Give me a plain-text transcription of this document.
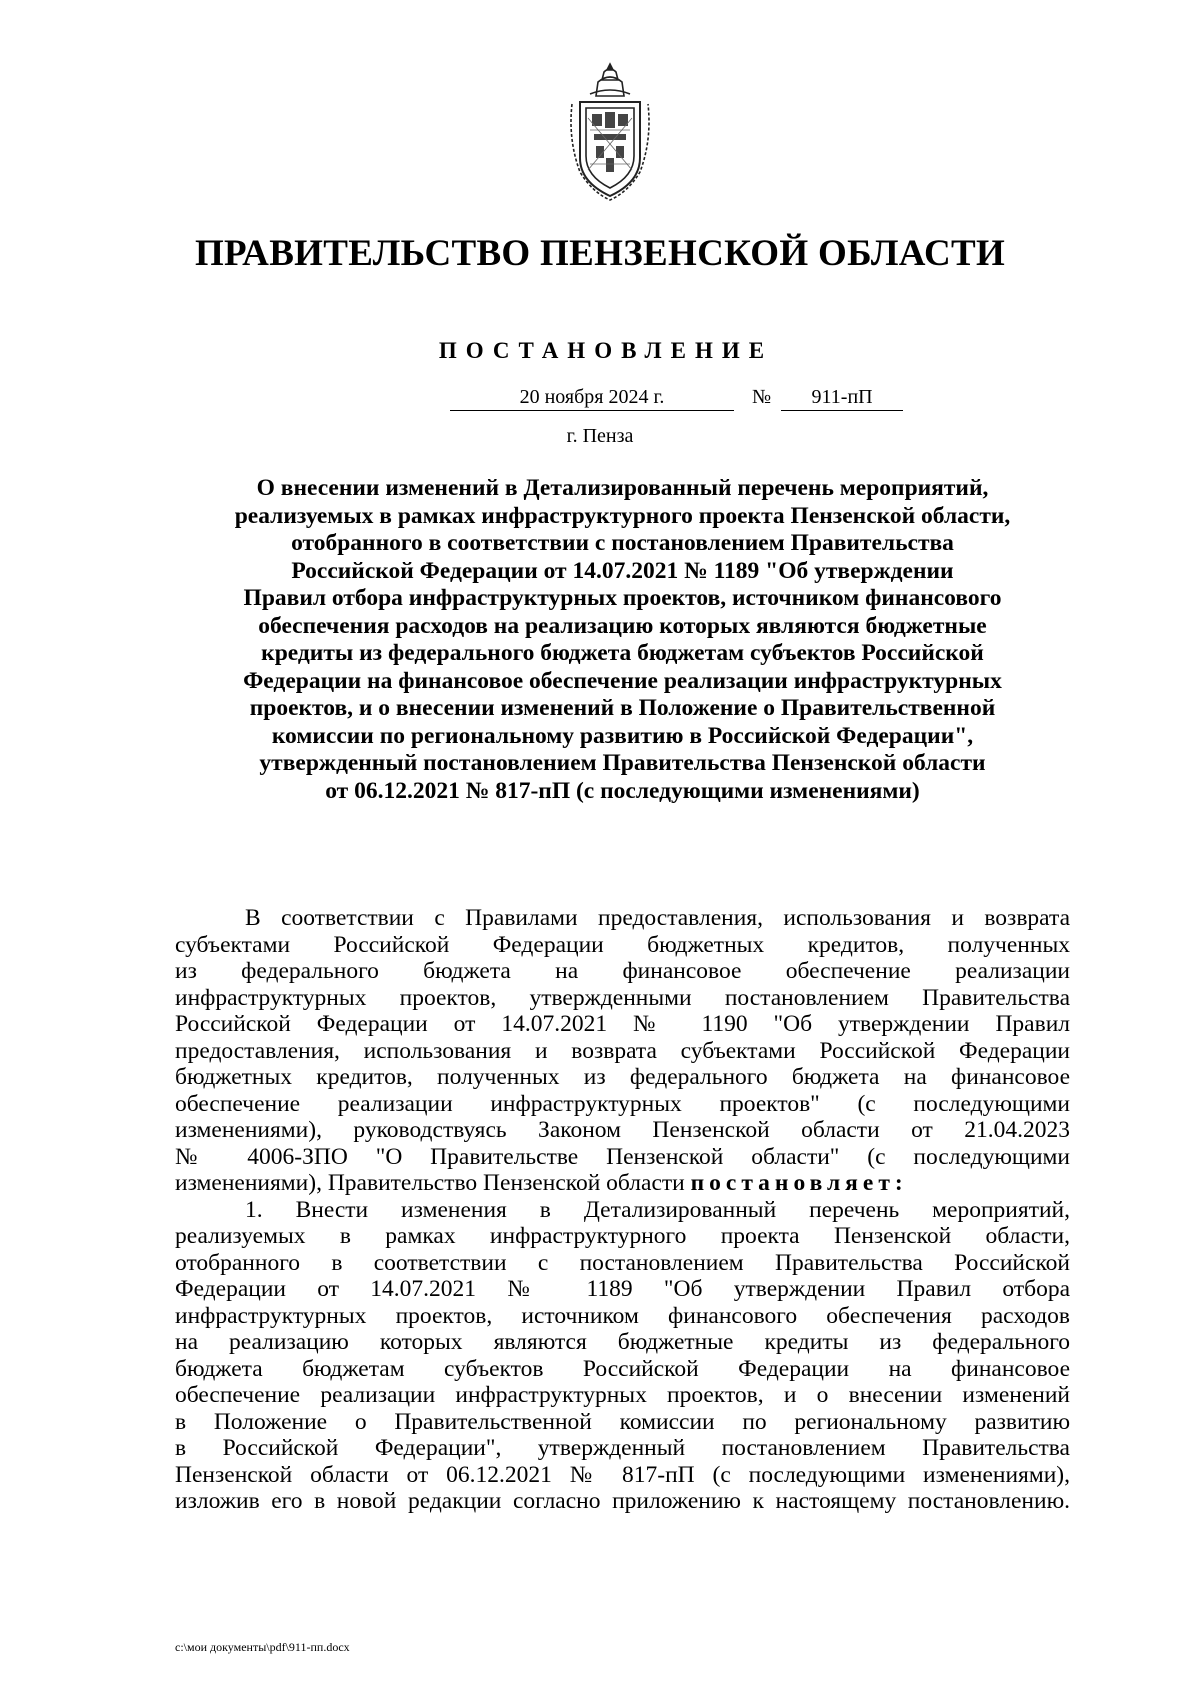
ПРАВИТЕЛЬСТВО ПЕНЗЕНСКОЙ ОБЛАСТИ
ПОСТАНОВЛЕНИЕ
20 ноября 2024 г.	№ 911-пП
г. Пенза
О внесении изменений в Детализированный перечень мероприятий,
реализуемых в рамках инфраструктурного проекта Пензенской области,
отобранного в соответствии с постановлением Правительства
Российской Федерации от 14.07.2021 № 1189 "Об утверждении
Правил отбора инфраструктурных проектов, источником финансового
обеспечения расходов на реализацию которых являются бюджетные
кредиты из федерального бюджета бюджетам субъектов Российской
Федерации на финансовое обеспечение реализации инфраструктурных
проектов, и о внесении изменений в Положение о Правительственной
комиссии по региональному развитию в Российской Федерации",
утвержденный постановлением Правительства Пензенской области
от 06.12.2021 № 817-пП (с последующими изменениями)
В соответствии с Правилами предоставления, использования и возврата
субъектами Российской Федерации бюджетных кредитов, полученных
из федерального бюджета на финансовое обеспечение реализации
инфраструктурных проектов, утвержденными постановлением Правительства
Российской Федерации от 14.07.2021 № 1190 "Об утверждении Правил
предоставления, использования и возврата субъектами Российской Федерации
бюджетных кредитов, полученных из федерального бюджета на финансовое
обеспечение реализации инфраструктурных проектов" (с последующими
изменениями), руководствуясь Законом Пензенской области от 21.04.2023
№ 4006-ЗПО "О Правительстве Пензенской области" (с последующими
изменениями), Правительство Пензенской области постановляет:
1. Внести изменения в Детализированный перечень мероприятий,
реализуемых в рамках инфраструктурного проекта Пензенской области,
отобранного в соответствии с постановлением Правительства Российской
Федерации от 14.07.2021 № 1189 "Об утверждении Правил отбора
инфраструктурных проектов, источником финансового обеспечения расходов
на реализацию которых являются бюджетные кредиты из федерального
бюджета бюджетам субъектов Российской Федерации на финансовое
обеспечение реализации инфраструктурных проектов, и о внесении изменений
в Положение о Правительственной комиссии по региональному развитию
в Российской Федерации", утвержденный постановлением Правительства
Пензенской области от 06.12.2021 № 817-пП (с последующими изменениями),
изложив его в новой редакции согласно приложению к настоящему постановлению.
c:\мои документы\pdf\911-пп.docx
